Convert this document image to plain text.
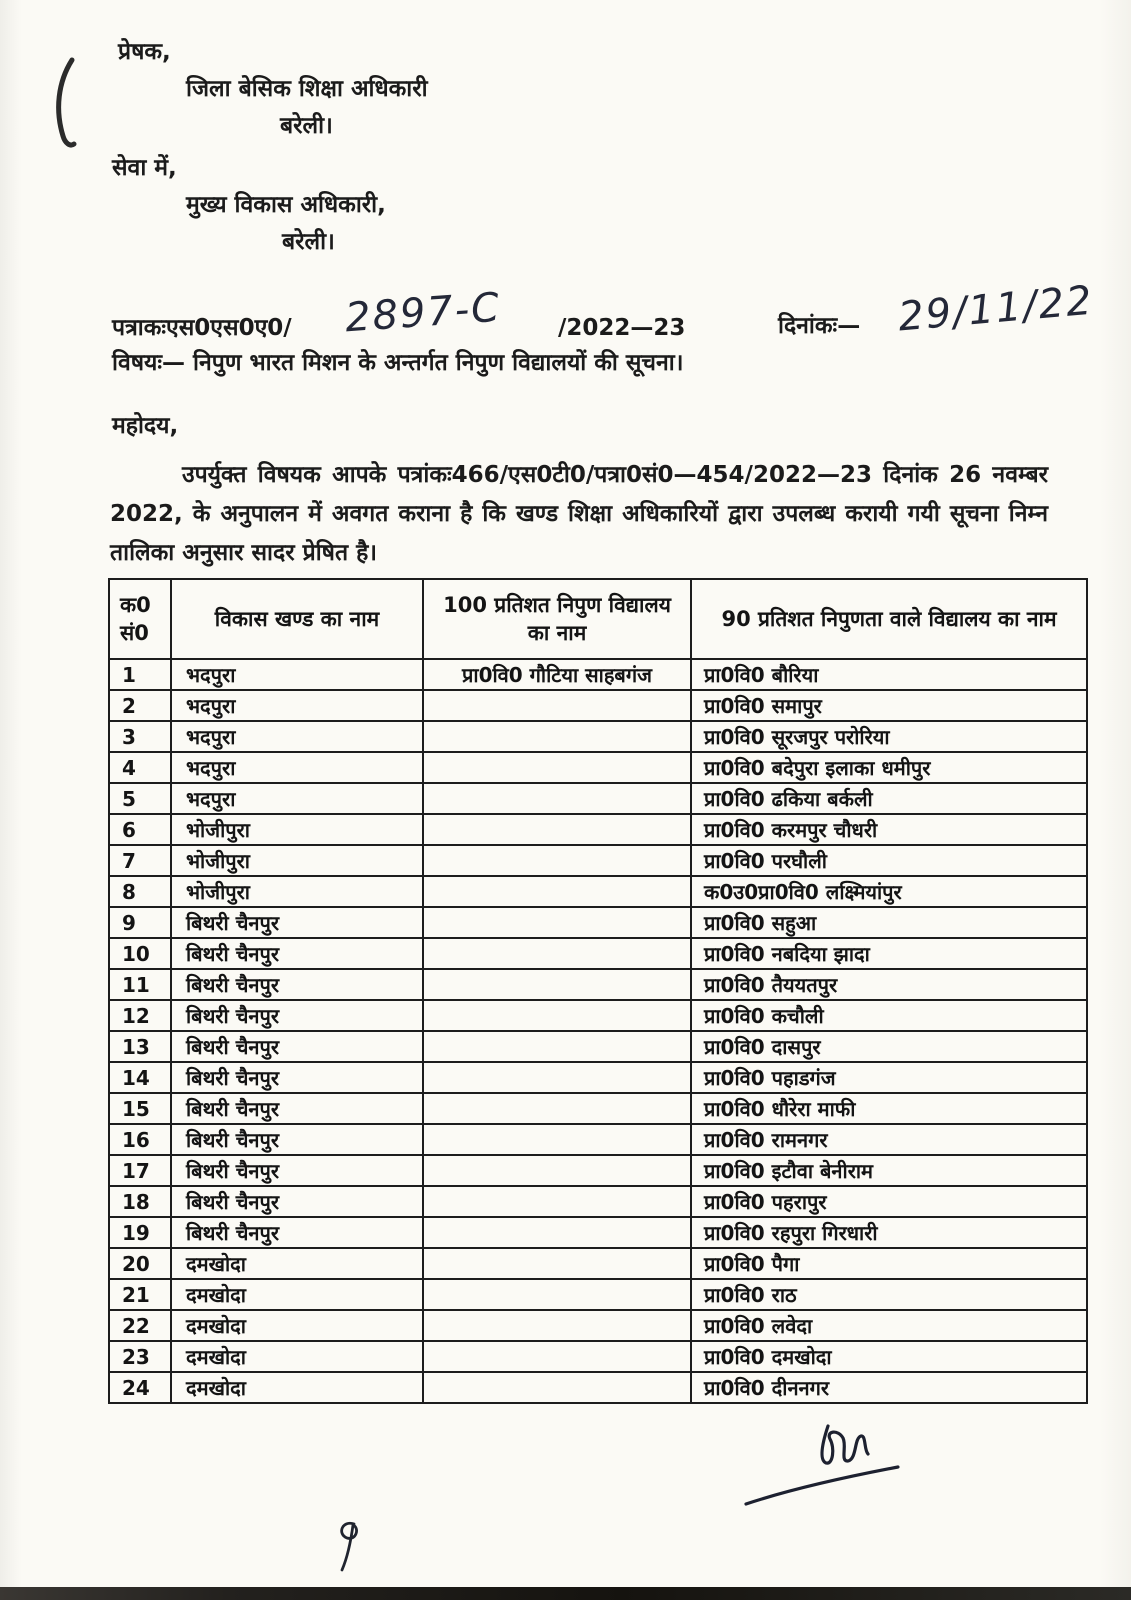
प्रेषक,
जिला बेसिक शिक्षा अधिकारी
बरेली।
सेवा में,
मुख्य विकास अधिकारी,
बरेली।
पत्राकःएस0एस0ए0/ 2897-C /2022—23	दिनांकः— 29/11/22
विषयः— निपुण भारत मिशन के अन्तर्गत निपुण विद्यालयों की सूचना।
महोदय,

उपर्युक्त विषयक आपके पत्रांकः466/एस0टी0/पत्रा0सं0—454/2022—23 दिनांक 26 नवम्बर 2022, के अनुपालन में अवगत कराना है कि खण्ड शिक्षा अधिकारियों द्वारा उपलब्ध करायी गयी सूचना निम्न तालिका अनुसार सादर प्रेषित है।

क0 सं0	विकास खण्ड का नाम	100 प्रतिशत निपुण विद्यालय का नाम	90 प्रतिशत निपुणता वाले विद्यालय का नाम
1	भदपुरा	प्रा0वि0 गौटिया साहबगंज	प्रा0वि0 बौरिया
2	भदपुरा		प्रा0वि0 समापुर
3	भदपुरा		प्रा0वि0 सूरजपुर परोरिया
4	भदपुरा		प्रा0वि0 बदेपुरा इलाका धमीपुर
5	भदपुरा		प्रा0वि0 ढकिया बर्कली
6	भोजीपुरा		प्रा0वि0 करमपुर चौधरी
7	भोजीपुरा		प्रा0वि0 परघौली
8	भोजीपुरा		क0उ0प्रा0वि0 लक्ष्मियांपुर
9	बिथरी चैनपुर		प्रा0वि0 सहुआ
10	बिथरी चैनपुर		प्रा0वि0 नबदिया झादा
11	बिथरी चैनपुर		प्रा0वि0 तैययतपुर
12	बिथरी चैनपुर		प्रा0वि0 कचौली
13	बिथरी चैनपुर		प्रा0वि0 दासपुर
14	बिथरी चैनपुर		प्रा0वि0 पहाडगंज
15	बिथरी चैनपुर		प्रा0वि0 धौरेरा माफी
16	बिथरी चैनपुर		प्रा0वि0 रामनगर
17	बिथरी चैनपुर		प्रा0वि0 इटौवा बेनीराम
18	बिथरी चैनपुर		प्रा0वि0 पहरापुर
19	बिथरी चैनपुर		प्रा0वि0 रहपुरा गिरधारी
20	दमखोदा		प्रा0वि0 पैगा
21	दमखोदा		प्रा0वि0 राठ
22	दमखोदा		प्रा0वि0 लवेदा
23	दमखोदा		प्रा0वि0 दमखोदा
24	दमखोदा		प्रा0वि0 दीननगर
